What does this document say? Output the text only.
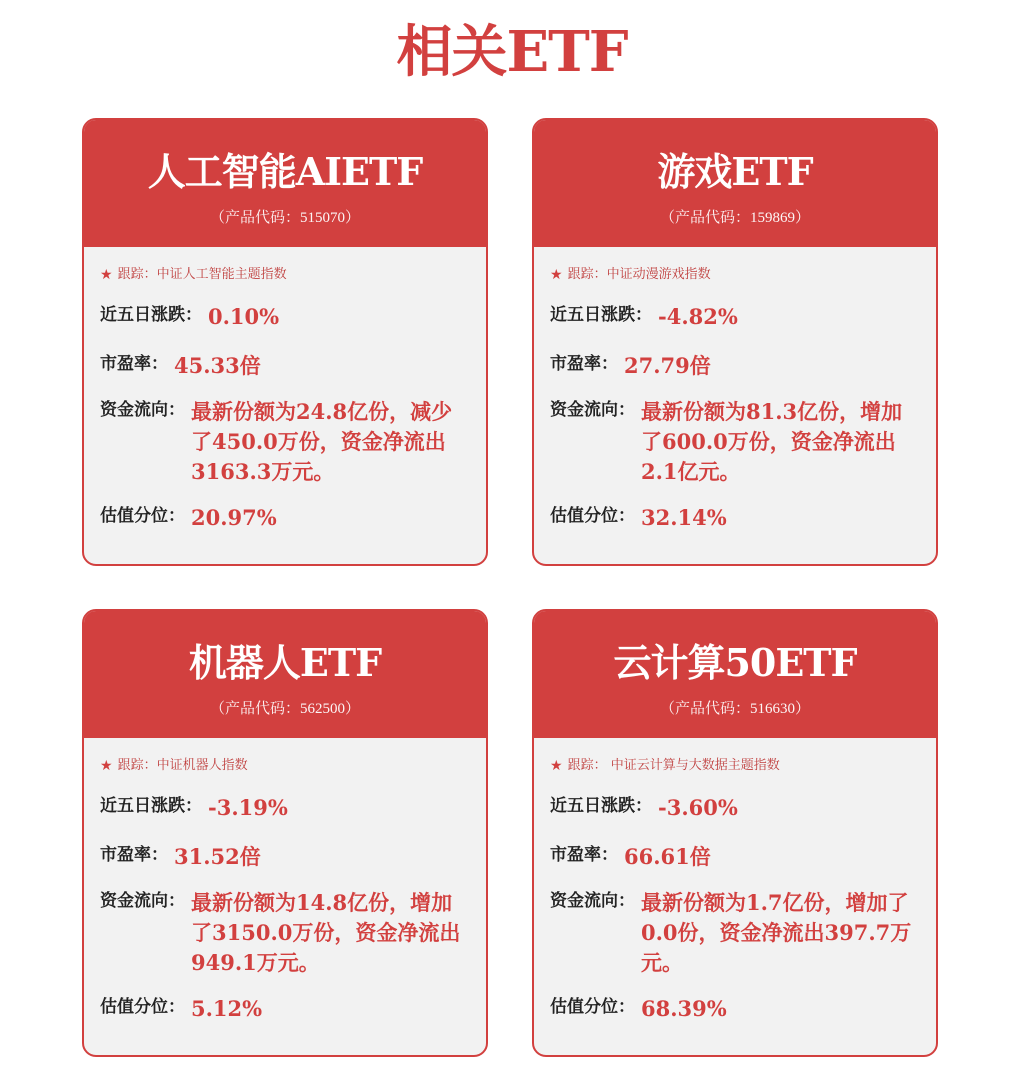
相关ETF
人工智能AIETF
（产品代码：515070）
★ 跟踪：中证人工智能主题指数
近五日涨跌： 0.10%
市盈率： 45.33倍
资金流向： 最新份额为24.8亿份，减少了450.0万份，资金净流出3163.3万元。
估值分位： 20.97%
游戏ETF
（产品代码：159869）
★ 跟踪：中证动漫游戏指数
近五日涨跌： -4.82%
市盈率： 27.79倍
资金流向： 最新份额为81.3亿份，增加了600.0万份，资金净流出2.1亿元。
估值分位： 32.14%
机器人ETF
（产品代码：562500）
★ 跟踪：中证机器人指数
近五日涨跌： -3.19%
市盈率： 31.52倍
资金流向： 最新份额为14.8亿份，增加了3150.0万份，资金净流出949.1万元。
估值分位： 5.12%
云计算50ETF
（产品代码：516630）
★ 跟踪： 中证云计算与大数据主题指数
近五日涨跌： -3.60%
市盈率： 66.61倍
资金流向： 最新份额为1.7亿份，增加了0.0份，资金净流出397.7万元。
估值分位： 68.39%
